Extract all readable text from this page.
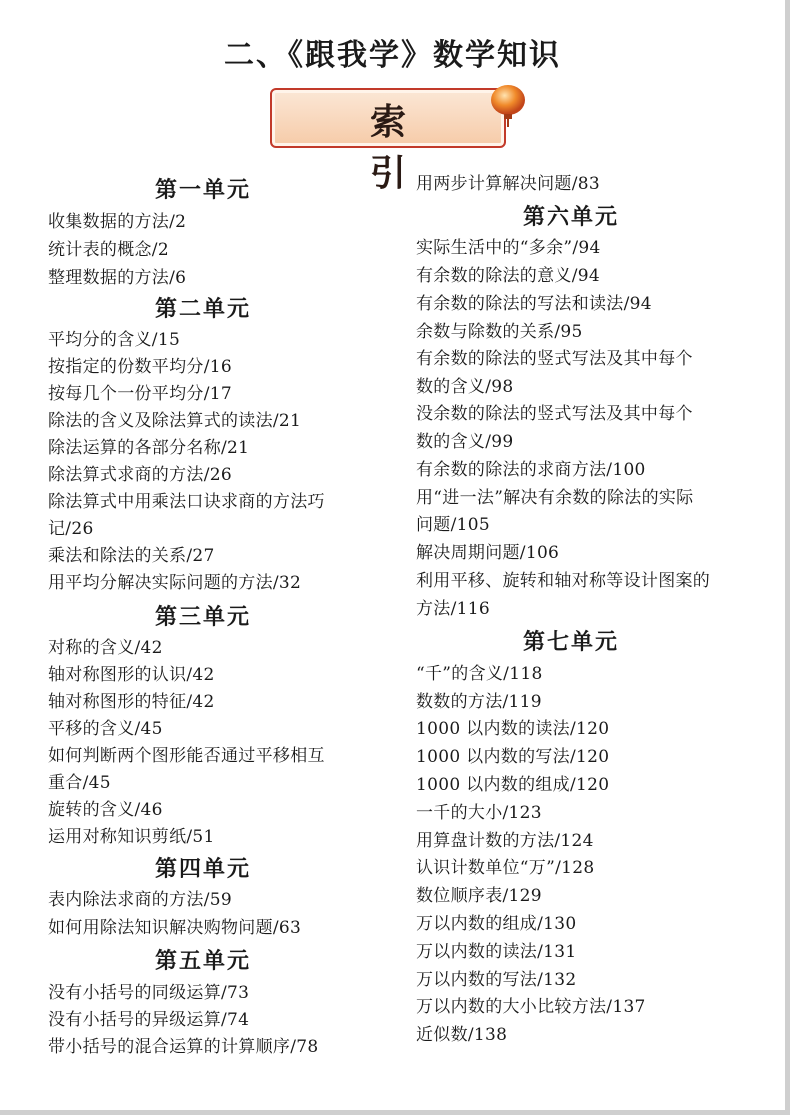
二、《跟我学》数学知识
索 引
第一单元
收集数据的方法/2
统计表的概念/2
整理数据的方法/6
第二单元
平均分的含义/15
按指定的份数平均分/16
按每几个一份平均分/17
除法的含义及除法算式的读法/21
除法运算的各部分名称/21
除法算式求商的方法/26
除法算式中用乘法口诀求商的方法巧
记/26
乘法和除法的关系/27
用平均分解决实际问题的方法/32
第三单元
对称的含义/42
轴对称图形的认识/42
轴对称图形的特征/42
平移的含义/45
如何判断两个图形能否通过平移相互
重合/45
旋转的含义/46
运用对称知识剪纸/51
第四单元
表内除法求商的方法/59
如何用除法知识解决购物问题/63
第五单元
没有小括号的同级运算/73
没有小括号的异级运算/74
带小括号的混合运算的计算顺序/78
用两步计算解决问题/83
第六单元
实际生活中的“多余”/94
有余数的除法的意义/94
有余数的除法的写法和读法/94
余数与除数的关系/95
有余数的除法的竖式写法及其中每个
数的含义/98
没余数的除法的竖式写法及其中每个
数的含义/99
有余数的除法的求商方法/100
用“进一法”解决有余数的除法的实际
问题/105
解决周期问题/106
利用平移、旋转和轴对称等设计图案的
方法/116
第七单元
“千”的含义/118
数数的方法/119
1000 以内数的读法/120
1000 以内数的写法/120
1000 以内数的组成/120
一千的大小/123
用算盘计数的方法/124
认识计数单位“万”/128
数位顺序表/129
万以内数的组成/130
万以内数的读法/131
万以内数的写法/132
万以内数的大小比较方法/137
近似数/138
